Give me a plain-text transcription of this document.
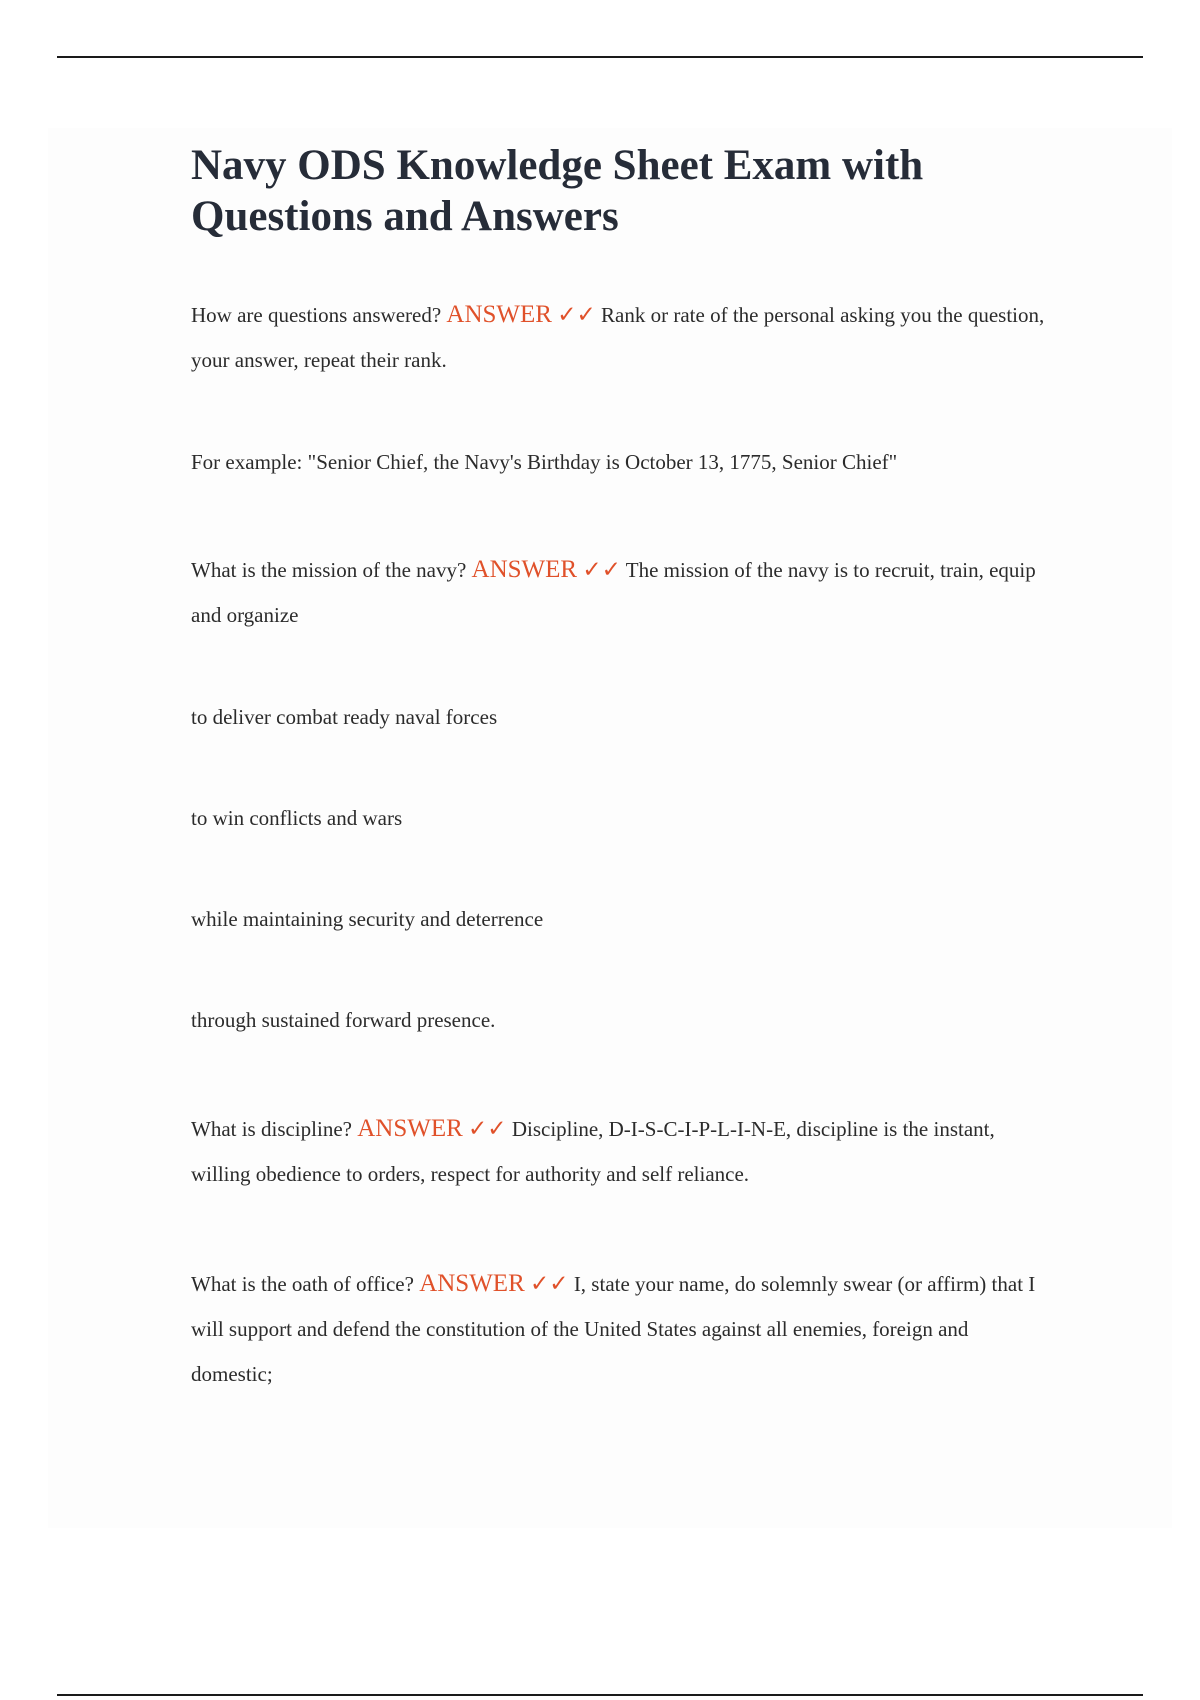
Navy ODS Knowledge Sheet Exam with Questions and Answers
How are questions answered? ANSWER ✓✓ Rank or rate of the personal asking you the question, your answer, repeat their rank.
For example: "Senior Chief, the Navy's Birthday is October 13, 1775, Senior Chief"
What is the mission of the navy? ANSWER ✓✓ The mission of the navy is to recruit, train, equip and organize
to deliver combat ready naval forces
to win conflicts and wars
while maintaining security and deterrence
through sustained forward presence.
What is discipline? ANSWER ✓✓ Discipline, D-I-S-C-I-P-L-I-N-E, discipline is the instant, willing obedience to orders, respect for authority and self reliance.
What is the oath of office? ANSWER ✓✓ I, state your name, do solemnly swear (or affirm) that I will support and defend the constitution of the United States against all enemies, foreign and domestic;
